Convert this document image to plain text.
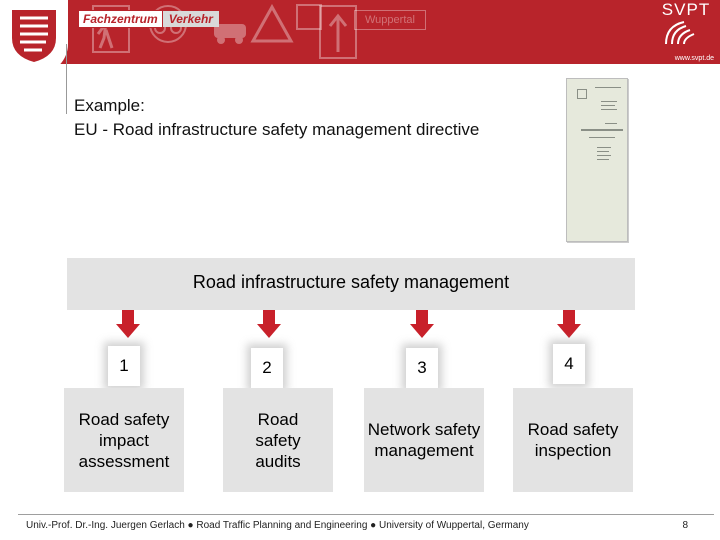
Wuppertal
SVPT
www.svpt.de
Fachzentrum Verkehr
Example:
EU - Road infrastructure safety management directive
Road infrastructure safety management
1	2	3	4
Road safety impact assessment
Road safety audits
Network safety management
Road safety inspection
Univ.-Prof. Dr.-Ing. Juergen Gerlach ● Road Traffic Planning and Engineering ● University of Wuppertal, Germany	8
